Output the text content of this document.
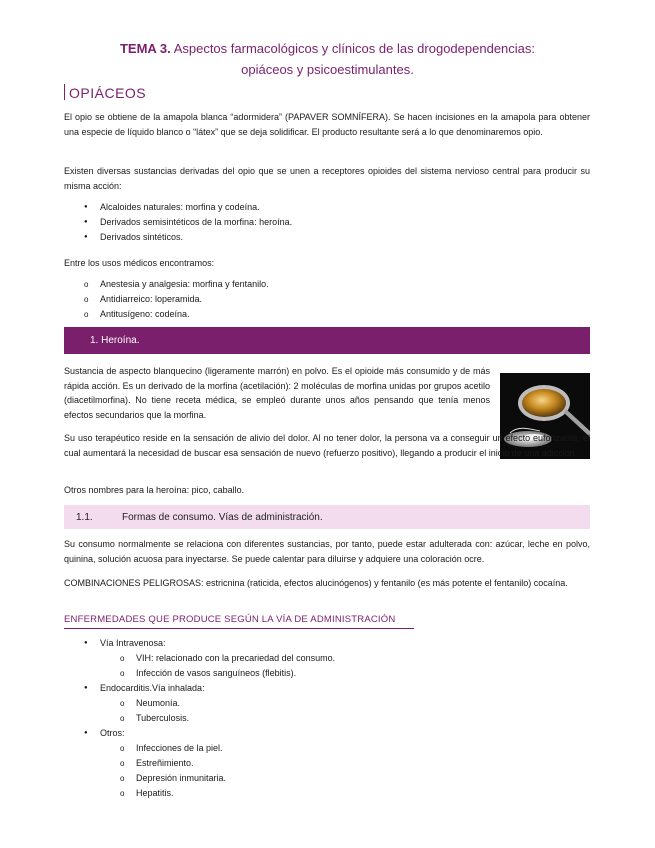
TEMA 3. Aspectos farmacológicos y clínicos de las drogodependencias:
opiáceos y psicoestimulantes.
OPIÁCEOS
El opio se obtiene de la amapola blanca “adormidera” (PAPAVER SOMNÍFERA). Se hacen incisiones en la amapola para obtener una especie de líquido blanco o “látex” que se deja solidificar. El producto resultante será a lo que denominaremos opio.
Existen diversas sustancias derivadas del opio que se unen a receptores opioides del sistema nervioso central para producir su misma acción:
● Alcaloides naturales: morfina y codeína.
● Derivados semisintéticos de la morfina: heroína.
● Derivados sintéticos.
Entre los usos médicos encontramos:
o Anestesia y analgesia: morfina y fentanilo.
o Antidiarreico: loperamida.
o Antitusígeno: codeína.
1. Heroína.
Sustancia de aspecto blanquecino (ligeramente marrón) en polvo. Es el opioide más consumido y de más rápida acción. Es un derivado de la morfina (acetilación): 2 moléculas de morfina unidas por grupos acetilo (diacetilmorfina). No tiene receta médica, se empleó durante unos años pensando que tenía menos efectos secundarios que la morfina.
Su uso terapéutico reside en la sensación de alivio del dolor. Al no tener dolor, la persona va a conseguir un efecto euforizante, el cual aumentará la necesidad de buscar esa sensación de nuevo (refuerzo positivo), llegando a producir el inicio de una adicción.
Otros nombres para la heroína: pico, caballo.
1.1.	Formas de consumo. Vías de administración.
Su consumo normalmente se relaciona con diferentes sustancias, por tanto, puede estar adulterada con: azúcar, leche en polvo, quinina, solución acuosa para inyectarse. Se puede calentar para diluirse y adquiere una coloración ocre.
COMBINACIONES PELIGROSAS: estricnina (raticida, efectos alucinógenos) y fentanilo (es más potente el fentanilo) cocaína.
ENFERMEDADES QUE PRODUCE SEGÚN LA VÍA DE ADMINISTRACIÓN
● Vía Intravenosa:
o VIH: relacionado con la precariedad del consumo.
o Infección de vasos sanguíneos (flebitis).
● Endocarditis.Vía inhalada:
o Neumonía.
o Tuberculosis.
● Otros:
o Infecciones de la piel.
o Estreñimiento.
o Depresión inmunitaria.
o Hepatitis.
